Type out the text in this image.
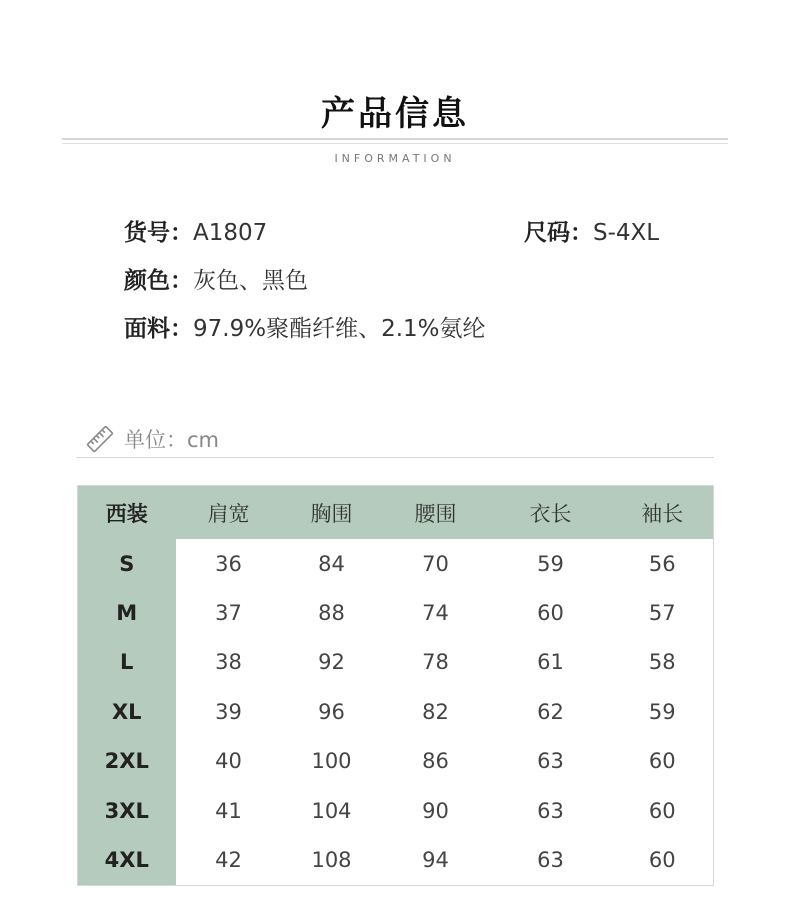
产品信息
INFORMATION
货号：A1807	尺码：S-4XL
颜色：灰色、黑色
面料：97.9%聚酯纤维、2.1%氨纶
单位：cm
西装	肩宽	胸围	腰围	衣长	袖长
S	36	84	70	59	56
M	37	88	74	60	57
L	38	92	78	61	58
XL	39	96	82	62	59
2XL	40	100	86	63	60
3XL	41	104	90	63	60
4XL	42	108	94	63	60
